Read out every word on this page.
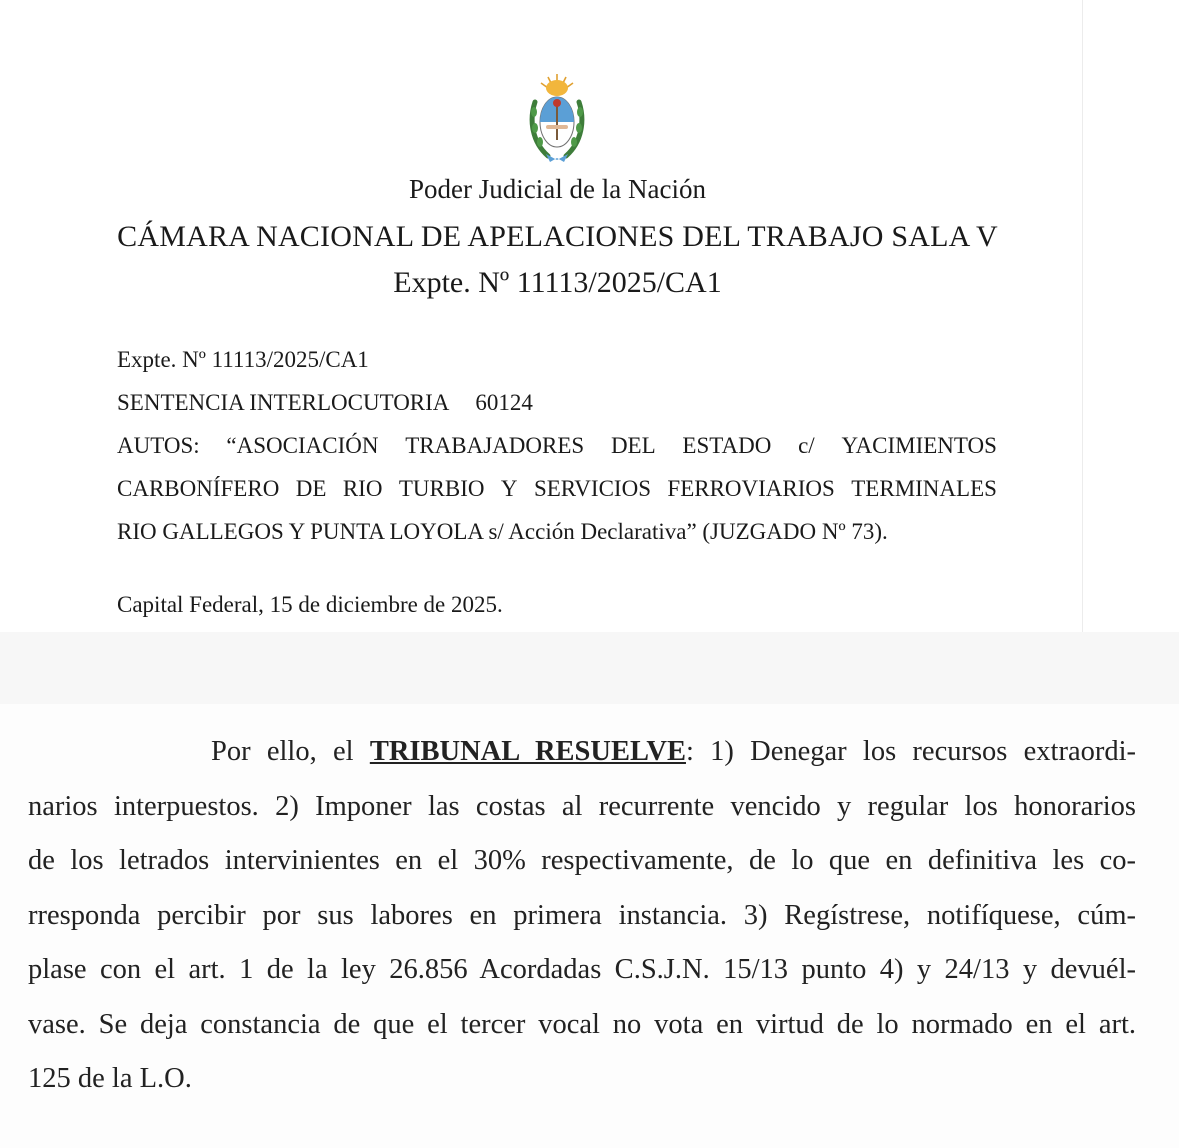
Poder Judicial de la Nación
CÁMARA NACIONAL DE APELACIONES DEL TRABAJO SALA V
Expte. Nº 11113/2025/CA1
Expte. Nº 11113/2025/CA1
SENTENCIA INTERLOCUTORIA 60124
AUTOS: “ASOCIACIÓN TRABAJADORES DEL ESTADO c/ YACIMIENTOS
CARBONÍFERO DE RIO TURBIO Y SERVICIOS FERROVIARIOS TERMINALES
RIO GALLEGOS Y PUNTA LOYOLA s/ Acción Declarativa” (JUZGADO Nº 73).
Capital Federal, 15 de diciembre de 2025.
Por ello, el TRIBUNAL RESUELVE: 1) Denegar los recursos extraordi-
narios interpuestos. 2) Imponer las costas al recurrente vencido y regular los honorarios
de los letrados intervinientes en el 30% respectivamente, de lo que en definitiva les co-
rresponda percibir por sus labores en primera instancia. 3) Regístrese, notifíquese, cúm-
plase con el art. 1 de la ley 26.856 Acordadas C.S.J.N. 15/13 punto 4) y 24/13 y devuél-
vase. Se deja constancia de que el tercer vocal no vota en virtud de lo normado en el art.
125 de la L.O.
